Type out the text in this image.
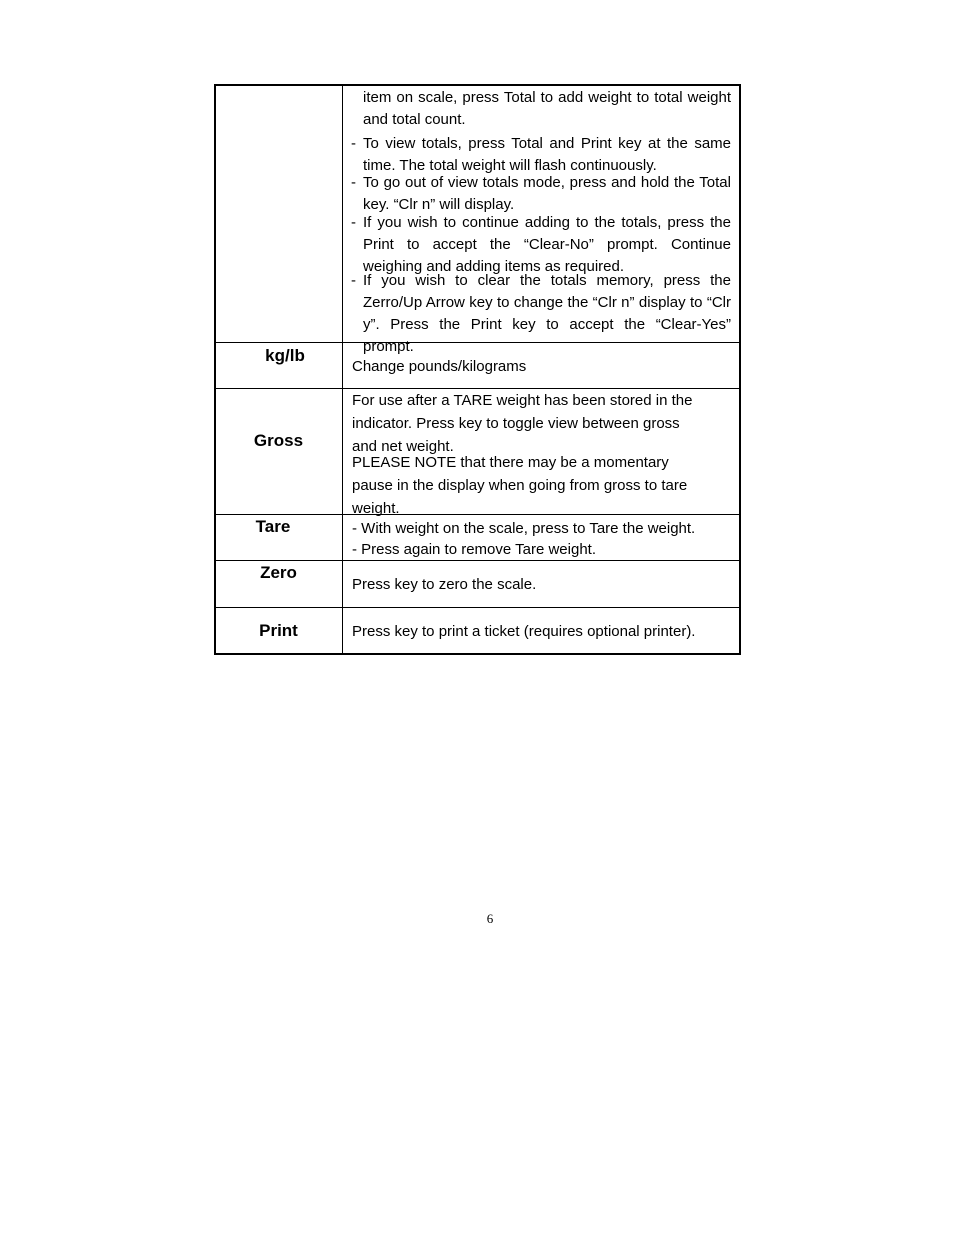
item on scale, press Total to add weight to total weight and total count.
- To view totals, press Total and Print key at the same time. The total weight will flash continuously.
- To go out of view totals mode, press and hold the Total key. “Clr n” will display.
- If you wish to continue adding to the totals, press the Print to accept the “Clear-No” prompt. Continue weighing and adding items as required.
- If you wish to clear the totals memory, press the Zerro/Up Arrow key to change the “Clr n” display to “Clr y”. Press the Print key to accept the “Clear-Yes” prompt.
kg/lb
Change pounds/kilograms
Gross
For use after a TARE weight has been stored in the
indicator. Press key to toggle view between gross
and net weight.
PLEASE NOTE that there may be a momentary
pause in the display when going from gross to tare
weight.
Tare	- With weight on the scale, press to Tare the weight.
- Press again to remove Tare weight.
Zero
Press key to zero the scale.
Print	Press key to print a ticket (requires optional printer).
6
